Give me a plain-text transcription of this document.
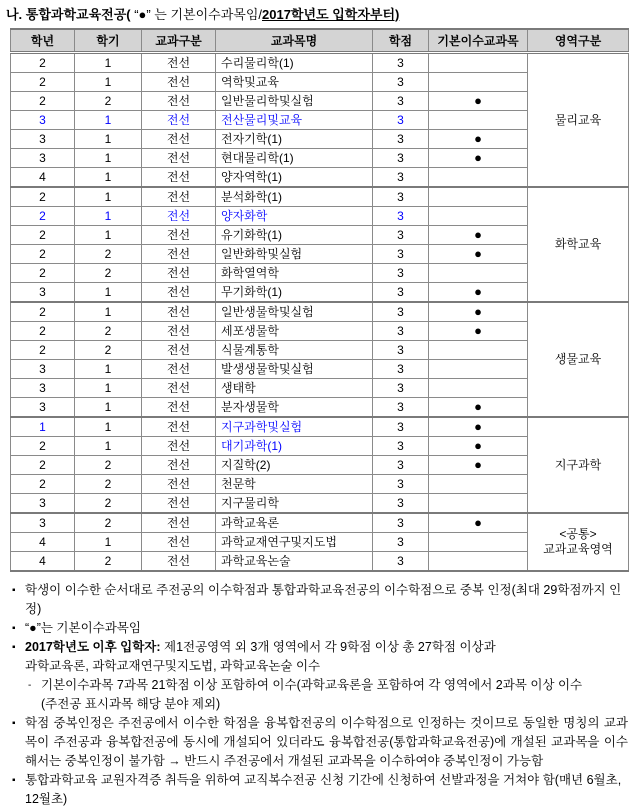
나. 통합과학교육전공( “●” 는 기본이수과목임/2017학년도 입학자부터)
학년	학기	교과구분	교과목명	학점	기본이수교과목	영역구분
2	1	전선	수리물리학(1)	3		물리교육
2	1	전선	역학및교육	3		
2	2	전선	일반물리학및실험	3	●	
3	1	전선	전산물리및교육	3		
3	1	전선	전자기학(1)	3	●	
3	1	전선	현대물리학(1)	3	●	
4	1	전선	양자역학(1)	3		
2	1	전선	분석화학(1)	3		화학교육
2	1	전선	양자화학	3		
2	1	전선	유기화학(1)	3	●	
2	2	전선	일반화학및실험	3	●	
2	2	전선	화학열역학	3		
3	1	전선	무기화학(1)	3	●	
2	1	전선	일반생물학및실험	3	●	생물교육
2	2	전선	세포생물학	3	●	
2	2	전선	식물계통학	3		
3	1	전선	발생생물학및실험	3		
3	1	전선	생태학	3		
3	1	전선	분자생물학	3	●	
1	1	전선	지구과학및실험	3	●	지구과학
2	1	전선	대기과학(1)	3	●	
2	2	전선	지질학(2)	3	●	
2	2	전선	천문학	3		
3	2	전선	지구물리학	3		
3	2	전선	과학교육론	3	●	<공통>
교과교육영역
4	1	전선	과학교재연구및지도법	3		
4	2	전선	과학교육논술	3		
▪ 학생이 이수한 순서대로 주전공의 이수학점과 통합과학교육전공의 이수학점으로 중복 인정(최대 29학점까지 인정)
▪ “●”는 기본이수과목임
▪ 2017학년도 이후 입학자: 제1전공영역 외 3개 영역에서 각 9학점 이상 총 27학점 이상과
과학교육론, 과학교재연구및지도법, 과학교육논술 이수
- 기본이수과목 7과목 21학점 이상 포함하여 이수(과학교육론을 포함하여 각 영역에서 2과목 이상 이수
(주전공 표시과목 해당 분야 제외)
▪ 학점 중복인정은 주전공에서 이수한 학점을 융복합전공의 이수학점으로 인정하는 것이므로 동일한 명칭의 교과목이 주전공과 융복합전공에 동시에 개설되어 있더라도 융복합전공(통합과학교육전공)에 개설된 교과목을 이수해서는 중복인정이 불가함 → 반드시 주전공에서 개설된 교과목을 이수하여야 중복인정이 가능함
▪ 통합과학교육 교원자격증 취득을 위하여 교직복수전공 신청 기간에 신청하여 선발과정을 거쳐야 함(매년 6월초, 12월초)
